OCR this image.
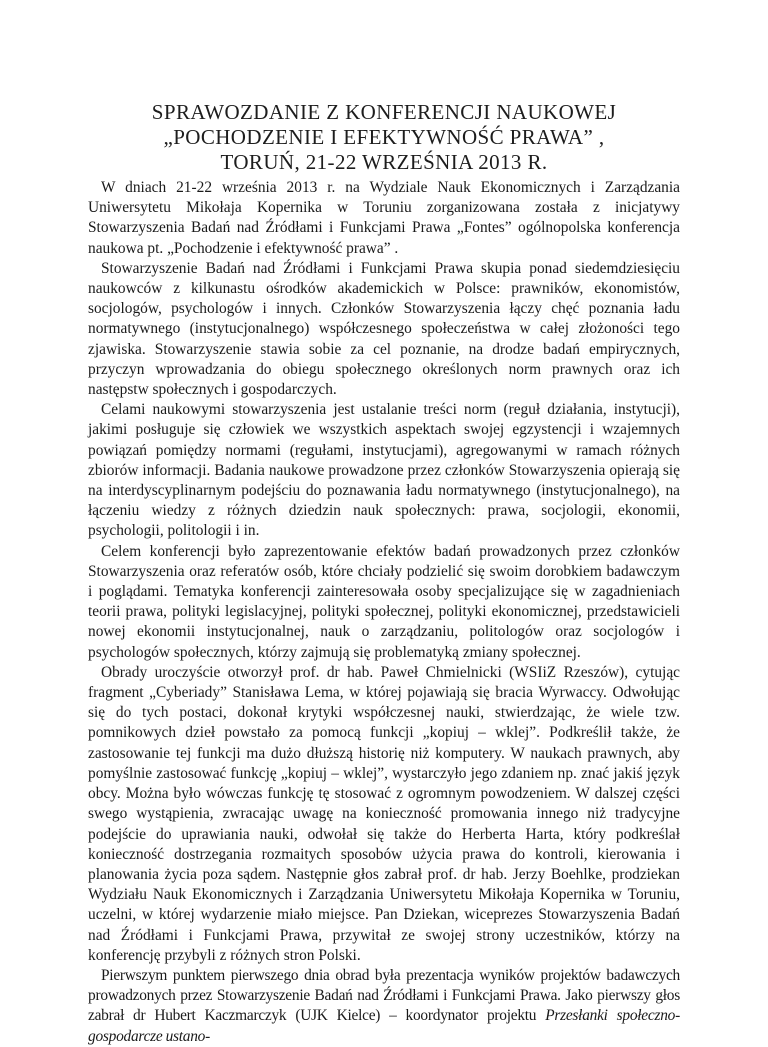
SPRAWOZDANIE Z KONFERENCJI NAUKOWEJ
„POCHODZENIE I EFEKTYWNOŚĆ PRAWA” ,
TORUŃ, 21-22 WRZEŚNIA 2013 R.

W dniach 21-22 września 2013 r. na Wydziale Nauk Ekonomicznych i Zarządzania Uniwersytetu Mikołaja Kopernika w Toruniu zorganizowana została z inicjatywy Stowarzyszenia Badań nad Źródłami i Funkcjami Prawa „Fontes” ogólnopolska konferencja naukowa pt. „Pochodzenie i efektywność prawa” .

Stowarzyszenie Badań nad Źródłami i Funkcjami Prawa skupia ponad siedemdziesięciu naukowców z kilkunastu ośrodków akademickich w Polsce: prawników, ekonomistów, socjologów, psychologów i innych. Członków Stowarzyszenia łączy chęć poznania ładu normatywnego (instytucjonalnego) współczesnego społeczeństwa w całej złożoności tego zjawiska. Stowarzyszenie stawia sobie za cel poznanie, na drodze badań empirycznych, przyczyn wprowadzania do obiegu społecznego określonych norm prawnych oraz ich następstw społecznych i gospodarczych.

Celami naukowymi stowarzyszenia jest ustalanie treści norm (reguł działania, instytucji), jakimi posługuje się człowiek we wszystkich aspektach swojej egzystencji i wzajemnych powiązań pomiędzy normami (regułami, instytucjami), agregowanymi w ramach różnych zbiorów informacji. Badania naukowe prowadzone przez członków Stowarzyszenia opierają się na interdyscyplinarnym podejściu do poznawania ładu normatywnego (instytucjonalnego), na łączeniu wiedzy z różnych dziedzin nauk społecznych: prawa, socjologii, ekonomii, psychologii, politologii i in.

Celem konferencji było zaprezentowanie efektów badań prowadzonych przez członków Stowarzyszenia oraz referatów osób, które chciały podzielić się swoim dorobkiem badawczym i poglądami. Tematyka konferencji zainteresowała osoby specjalizujące się w zagadnieniach teorii prawa, polityki legislacyjnej, polityki społecznej, polityki ekonomicznej, przedstawicieli nowej ekonomii instytucjonalnej, nauk o zarządzaniu, politologów oraz socjologów i psychologów społecznych, którzy zajmują się problematyką zmiany społecznej.

Obrady uroczyście otworzył prof. dr hab. Paweł Chmielnicki (WSIiZ Rzeszów), cytując fragment „Cyberiady” Stanisława Lema, w której pojawiają się bracia Wyrwaccy. Odwołując się do tych postaci, dokonał krytyki współczesnej nauki, stwierdzając, że wiele tzw. pomnikowych dzieł powstało za pomocą funkcji „kopiuj – wklej”. Podkreślił także, że zastosowanie tej funkcji ma dużo dłuższą historię niż komputery. W naukach prawnych, aby pomyślnie zastosować funkcję „kopiuj – wklej”, wystarczyło jego zdaniem np. znać jakiś język obcy. Można było wówczas funkcję tę stosować z ogromnym powodzeniem. W dalszej części swego wystąpienia, zwracając uwagę na konieczność promowania innego niż tradycyjne podejście do uprawiania nauki, odwołał się także do Herberta Harta, który podkreślał konieczność dostrzegania rozmaitych sposobów użycia prawa do kontroli, kierowania i planowania życia poza sądem. Następnie głos zabrał prof. dr hab. Jerzy Boehlke, prodziekan Wydziału Nauk Ekonomicznych i Zarządzania Uniwersytetu Mikołaja Kopernika w Toruniu, uczelni, w której wydarzenie miało miejsce. Pan Dziekan, wiceprezes Stowarzyszenia Badań nad Źródłami i Funkcjami Prawa, przywitał ze swojej strony uczestników, którzy na konferencję przybyli z różnych stron Polski.

Pierwszym punktem pierwszego dnia obrad była prezentacja wyników projektów badawczych prowadzonych przez Stowarzyszenie Badań nad Źródłami i Funkcjami Prawa. Jako pierwszy głos zabrał dr Hubert Kaczmarczyk (UJK Kielce) – koordynator projektu Przesłanki społeczno-gospodarcze ustano-
